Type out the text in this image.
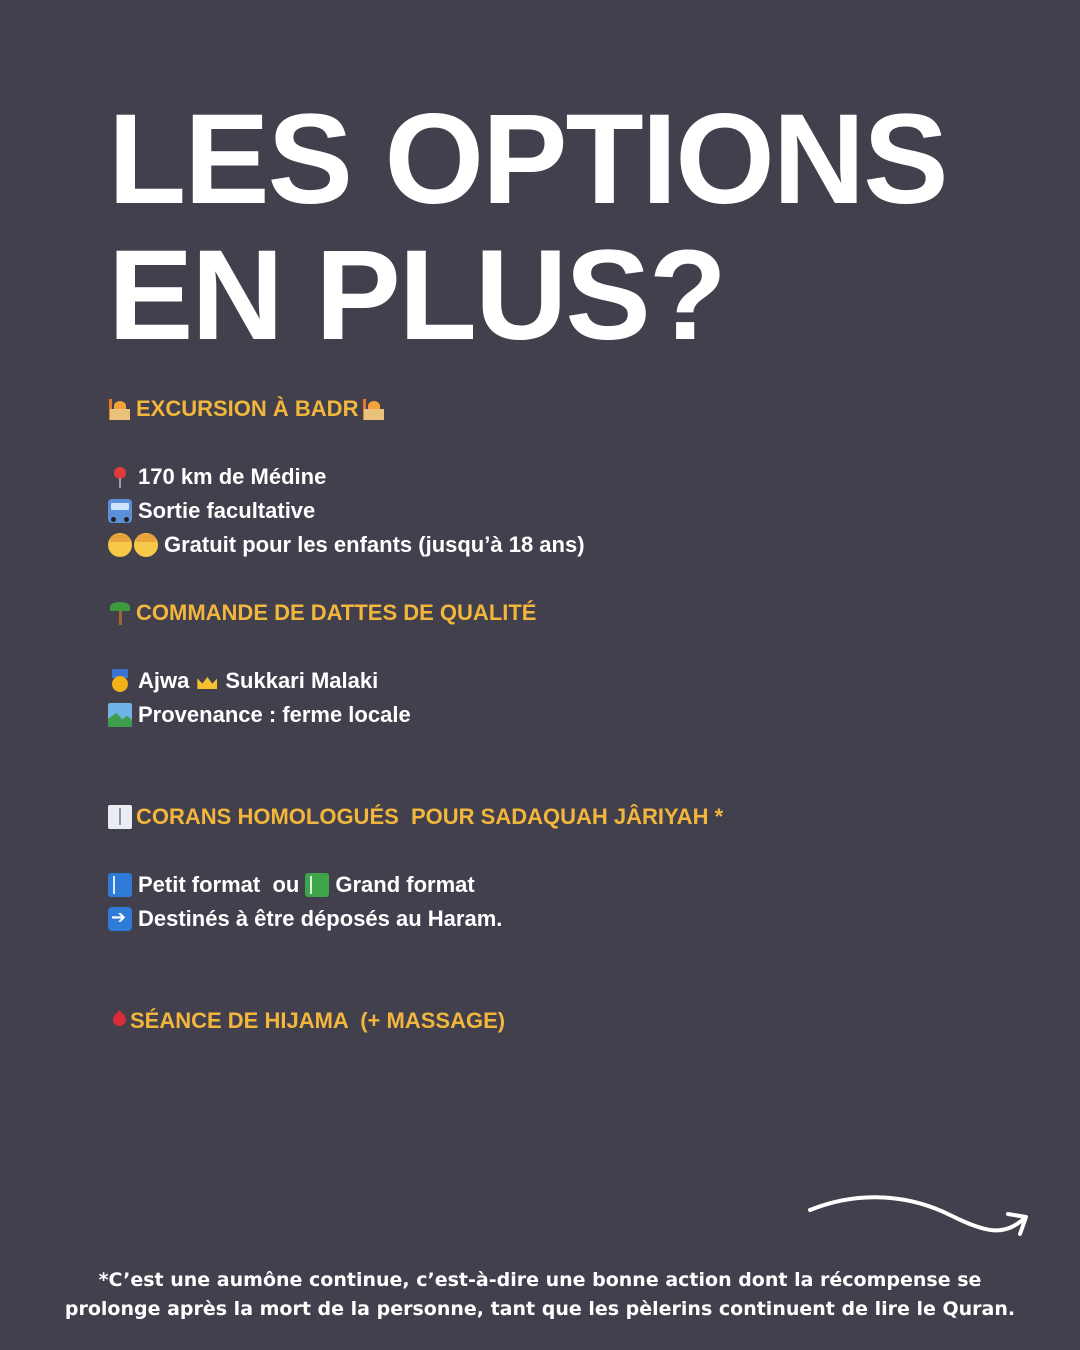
LES OPTIONS
EN PLUS?
EXCURSION À BADR
170 km de Médine
Sortie facultative
Gratuit pour les enfants (jusqu’à 18 ans)
COMMANDE DE DATTES DE QUALITÉ
Ajwa Sukkari Malaki
Provenance : ferme locale
CORANS HOMOLOGUÉS  POUR SADAQUAH JÂRIYAH *
Petit format  ou Grand format
➔
Destinés à être déposés au Haram.
SÉANCE DE HIJAMA  (+ MASSAGE)
*C’est une aumône continue, c’est-à-dire une bonne action dont la récompense se
prolonge après la mort de la personne, tant que les pèlerins continuent de lire le Quran.
